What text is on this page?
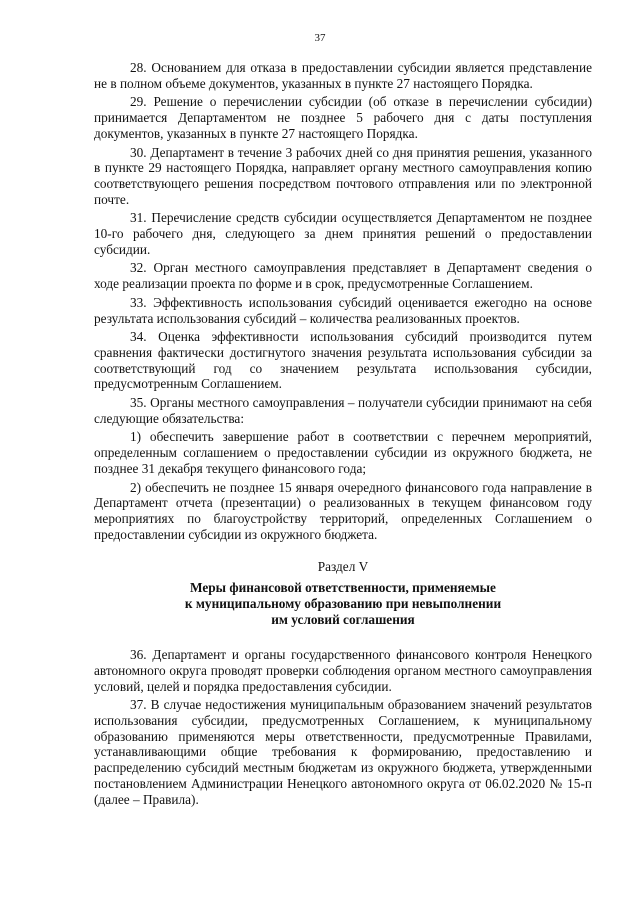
37

28. Основанием для отказа в предоставлении субсидии является представление не в полном объеме документов, указанных в пункте 27 настоящего Порядка.

29. Решение о перечислении субсидии (об отказе в перечислении субсидии) принимается Департаментом не позднее 5 рабочего дня с даты поступления документов, указанных в пункте 27 настоящего Порядка.

30. Департамент в течение 3 рабочих дней со дня принятия решения, указанного в пункте 29 настоящего Порядка, направляет органу местного самоуправления копию соответствующего решения посредством почтового отправления или по электронной почте.

31. Перечисление средств субсидии осуществляется Департаментом не позднее 10-го рабочего дня, следующего за днем принятия решений о предоставлении субсидии.

32. Орган местного самоуправления представляет в Департамент сведения о ходе реализации проекта по форме и в срок, предусмотренные Соглашением.

33. Эффективность использования субсидий оценивается ежегодно на основе результата использования субсидий – количества реализованных проектов.

34. Оценка эффективности использования субсидий производится путем сравнения фактически достигнутого значения результата использования субсидии за соответствующий год со значением результата использования субсидии, предусмотренным Соглашением.

35. Органы местного самоуправления – получатели субсидии принимают на себя следующие обязательства:

1) обеспечить завершение работ в соответствии с перечнем мероприятий, определенным соглашением о предоставлении субсидии из окружного бюджета, не позднее 31 декабря текущего финансового года;

2) обеспечить не позднее 15 января очередного финансового года направление в Департамент отчета (презентации) о реализованных в текущем финансовом году мероприятиях по благоустройству территорий, определенных Соглашением о предоставлении субсидии из окружного бюджета.

Раздел V
Меры финансовой ответственности, применяемые
к муниципальному образованию при невыполнении
им условий соглашения

36. Департамент и органы государственного финансового контроля Ненецкого автономного округа проводят проверки соблюдения органом местного самоуправления условий, целей и порядка предоставления субсидии.

37. В случае недостижения муниципальным образованием значений результатов использования субсидии, предусмотренных Соглашением, к муниципальному образованию применяются меры ответственности, предусмотренные Правилами, устанавливающими общие требования к формированию, предоставлению и распределению субсидий местным бюджетам из окружного бюджета, утвержденными постановлением Администрации Ненецкого автономного округа от 06.02.2020 № 15-п (далее – Правила).
